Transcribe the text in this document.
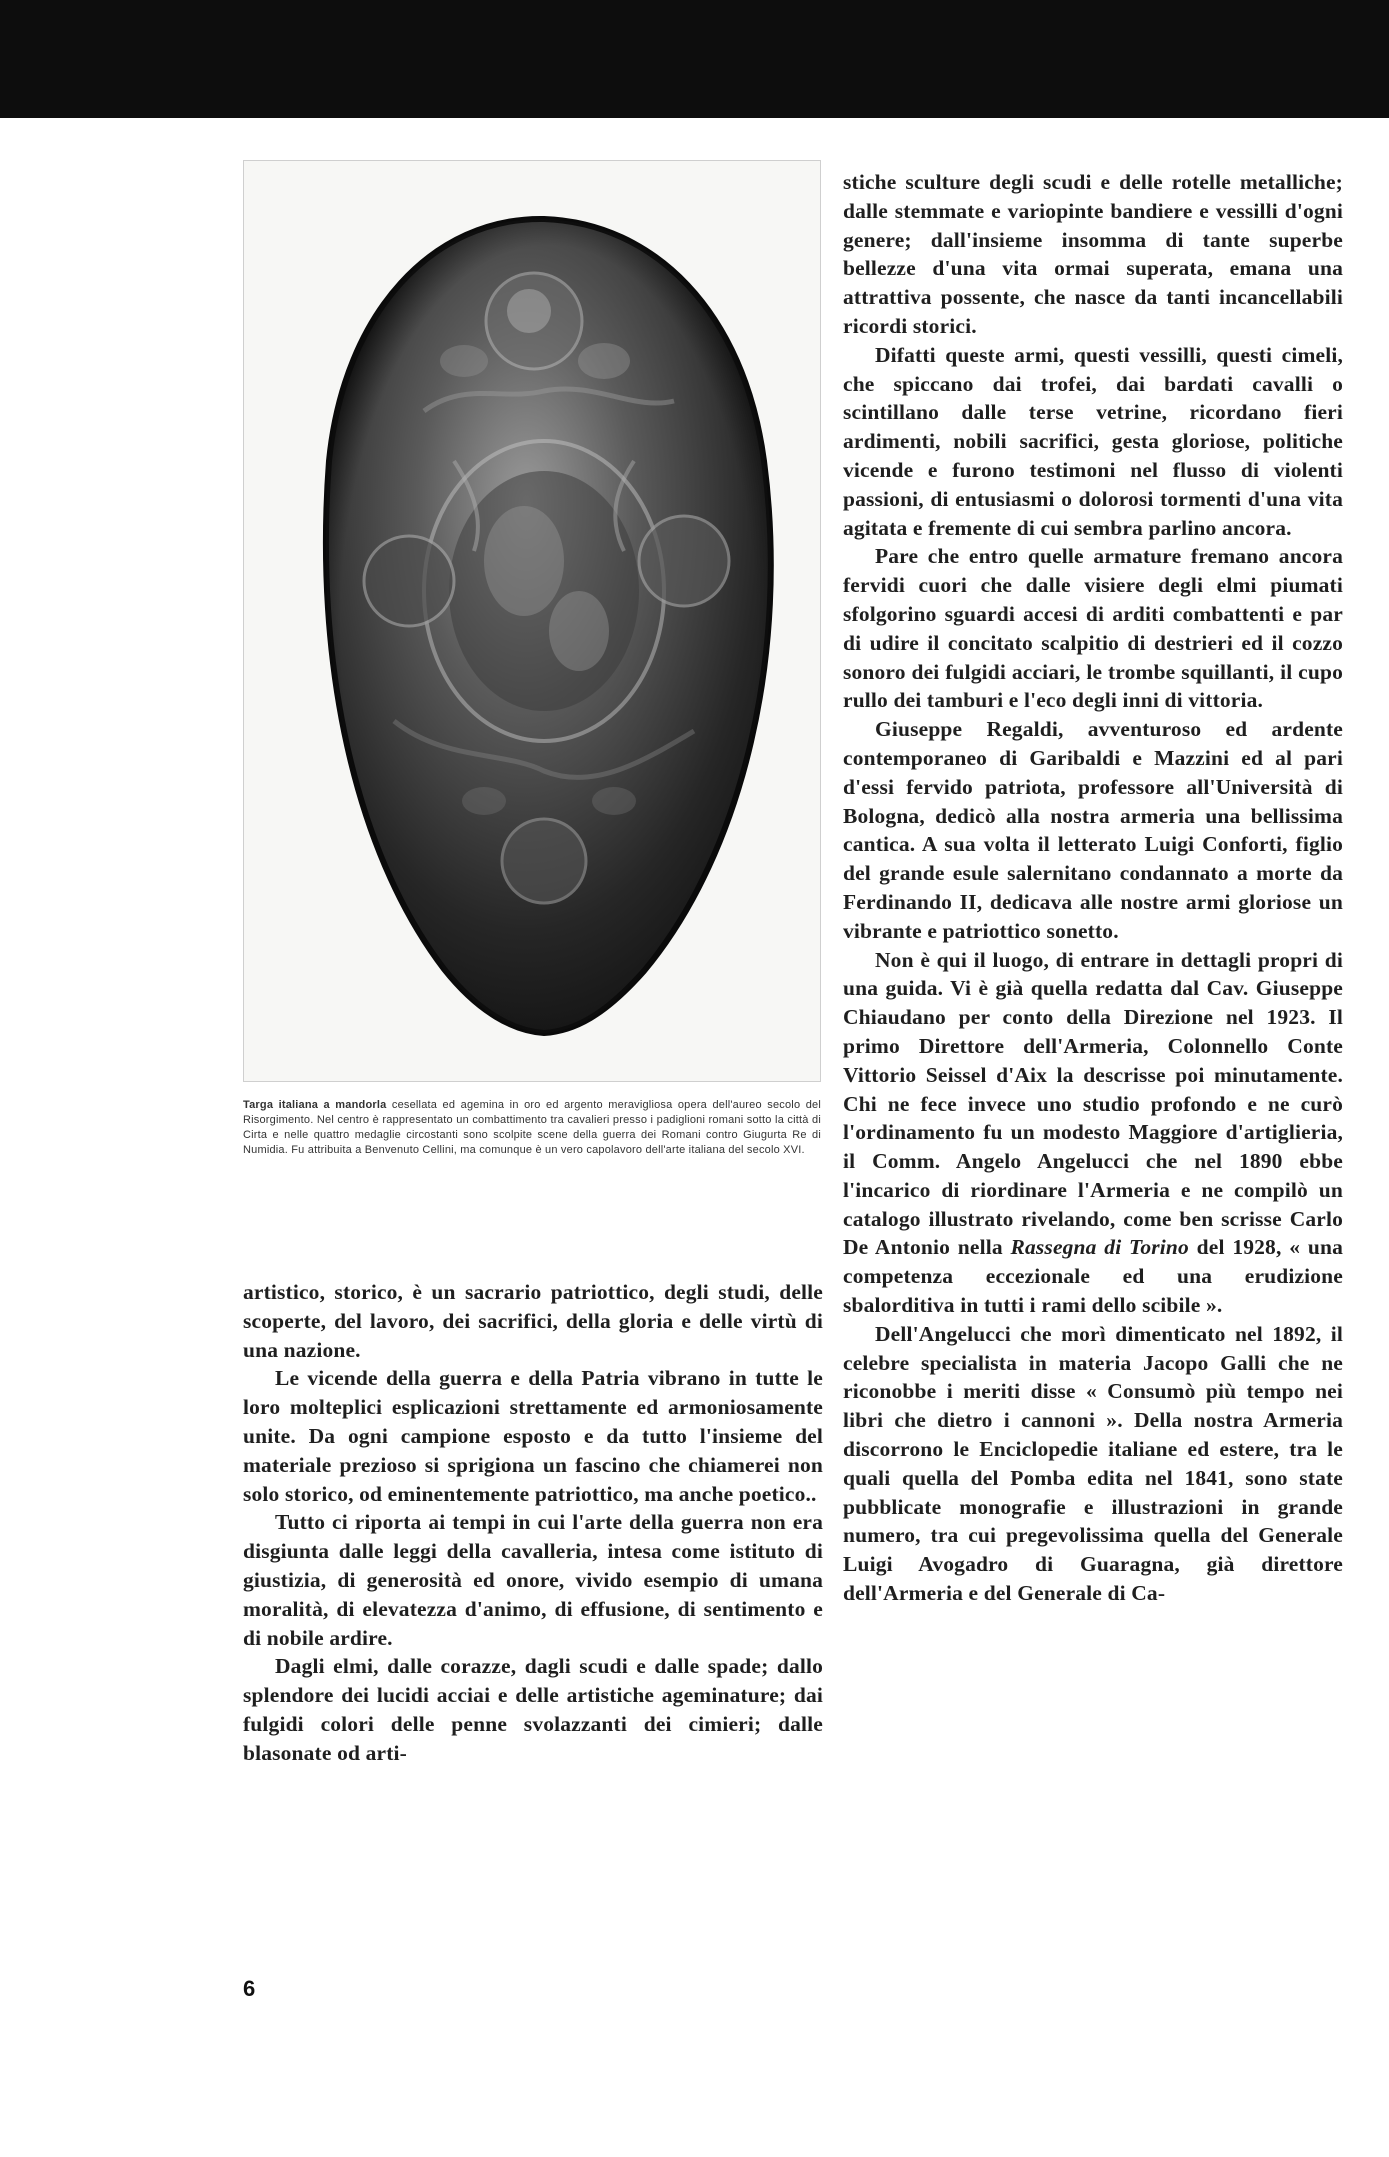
Targa italiana a mandorla cesellata ed agemina in oro ed argento meravigliosa opera dell'aureo secolo del Risorgimento. Nel centro è rappresentato un combattimento tra cavalieri presso i padiglioni romani sotto la città di Cirta e nelle quattro medaglie circostanti sono scolpite scene della guerra dei Romani contro Giugurta Re di Numidia. Fu attribuita a Benvenuto Cellini, ma comunque è un vero capolavoro dell'arte italiana del secolo XVI.

artistico, storico, è un sacrario patriottico, degli studi, delle scoperte, del lavoro, dei sacrifici, della gloria e delle virtù di una nazione.

Le vicende della guerra e della Patria vibrano in tutte le loro molteplici esplicazioni strettamente ed armoniosamente unite. Da ogni campione esposto e da tutto l'insieme del materiale prezioso si sprigiona un fascino che chiamerei non solo storico, od eminentemente patriottico, ma anche poetico..

Tutto ci riporta ai tempi in cui l'arte della guerra non era disgiunta dalle leggi della cavalleria, intesa come istituto di giustizia, di generosità ed onore, vivido esempio di umana moralità, di elevatezza d'animo, di effusione, di sentimento e di nobile ardire.

Dagli elmi, dalle corazze, dagli scudi e dalle spade; dallo splendore dei lucidi acciai e delle artistiche ageminature; dai fulgidi colori delle penne svolazzanti dei cimieri; dalle blasonate od arti-

stiche sculture degli scudi e delle rotelle metalliche; dalle stemmate e variopinte bandiere e vessilli d'ogni genere; dall'insieme insomma di tante superbe bellezze d'una vita ormai superata, emana una attrattiva possente, che nasce da tanti incancellabili ricordi storici.

Difatti queste armi, questi vessilli, questi cimeli, che spiccano dai trofei, dai bardati cavalli o scintillano dalle terse vetrine, ricordano fieri ardimenti, nobili sacrifici, gesta gloriose, politiche vicende e furono testimoni nel flusso di violenti passioni, di entusiasmi o dolorosi tormenti d'una vita agitata e fremente di cui sembra parlino ancora.

Pare che entro quelle armature fremano ancora fervidi cuori che dalle visiere degli elmi piumati sfolgorino sguardi accesi di arditi combattenti e par di udire il concitato scalpitio di destrieri ed il cozzo sonoro dei fulgidi acciari, le trombe squillanti, il cupo rullo dei tamburi e l'eco degli inni di vittoria.

Giuseppe Regaldi, avventuroso ed ardente contemporaneo di Garibaldi e Mazzini ed al pari d'essi fervido patriota, professore all'Università di Bologna, dedicò alla nostra armeria una bellissima cantica. A sua volta il letterato Luigi Conforti, figlio del grande esule salernitano condannato a morte da Ferdinando II, dedicava alle nostre armi gloriose un vibrante e patriottico sonetto.

Non è qui il luogo, di entrare in dettagli propri di una guida. Vi è già quella redatta dal Cav. Giuseppe Chiaudano per conto della Direzione nel 1923. Il primo Direttore dell'Armeria, Colonnello Conte Vittorio Seissel d'Aix la descrisse poi minutamente. Chi ne fece invece uno studio profondo e ne curò l'ordinamento fu un modesto Maggiore d'artiglieria, il Comm. Angelo Angelucci che nel 1890 ebbe l'incarico di riordinare l'Armeria e ne compilò un catalogo illustrato rivelando, come ben scrisse Carlo De Antonio nella Rassegna di Torino del 1928, « una competenza eccezionale ed una erudizione sbalorditiva in tutti i rami dello scibile ».

Dell'Angelucci che morì dimenticato nel 1892, il celebre specialista in materia Jacopo Galli che ne riconobbe i meriti disse « Consumò più tempo nei libri che dietro i cannoni ». Della nostra Armeria discorrono le Enciclopedie italiane ed estere, tra le quali quella del Pomba edita nel 1841, sono state pubblicate monografie e illustrazioni in grande numero, tra cui pregevolissima quella del Generale Luigi Avogadro di Guaragna, già direttore dell'Armeria e del Generale di Ca-

6
